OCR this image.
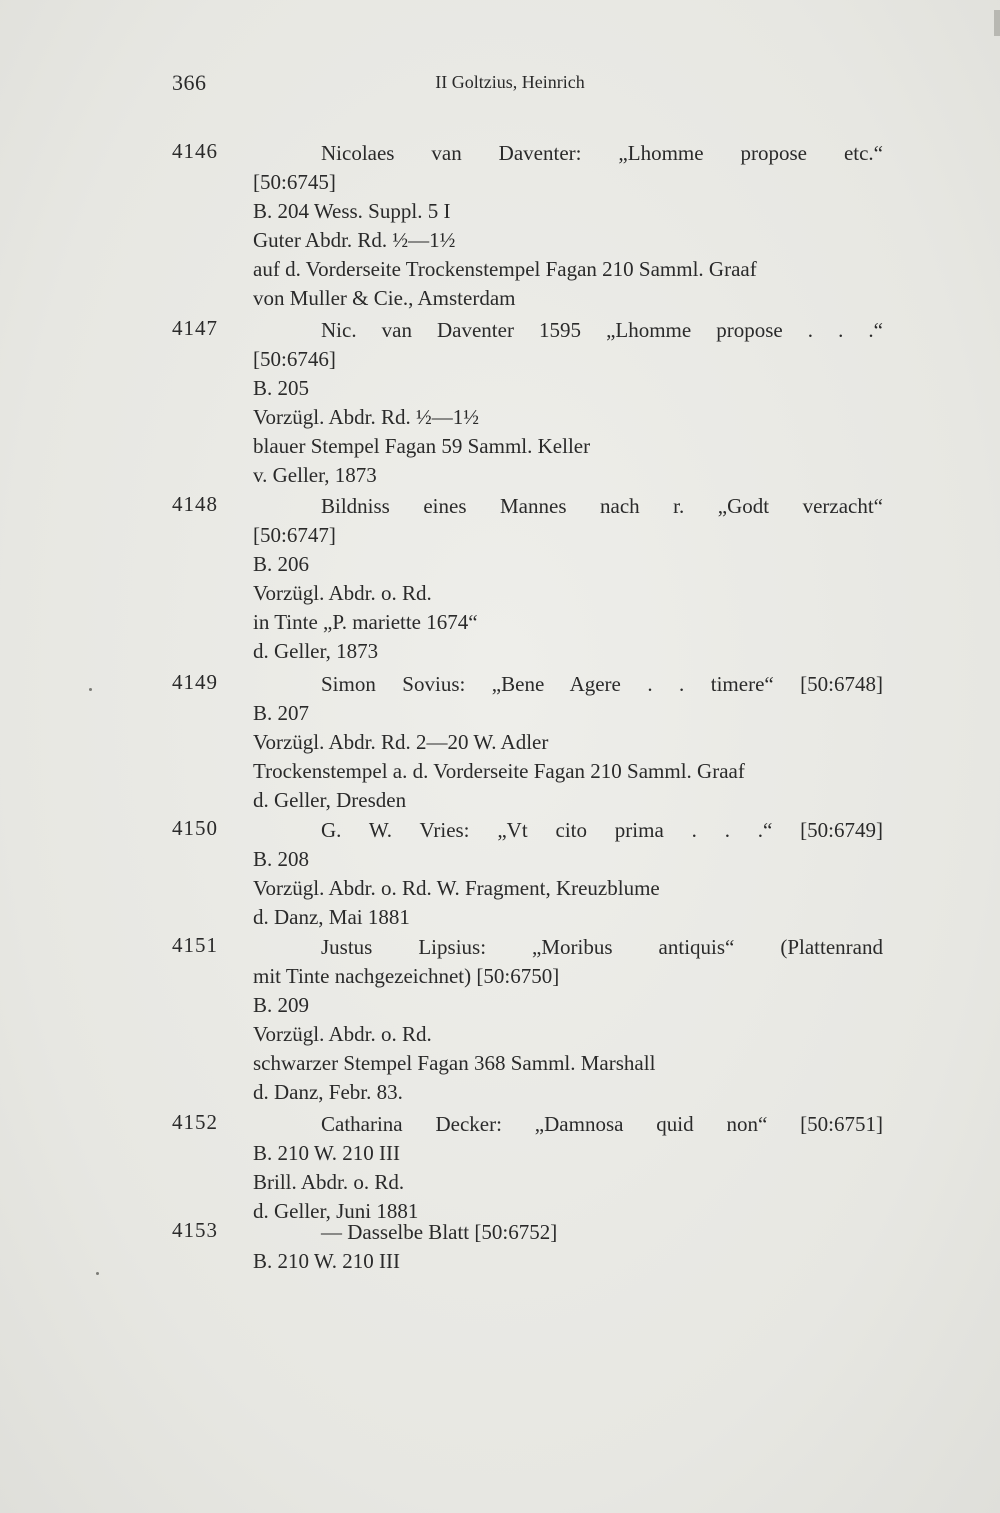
366	II Goltzius, Heinrich
4146	Nicolaes van Daventer: „Lhomme propose etc.“
[50:6745]
B. 204 Wess. Suppl. 5 I
Guter Abdr. Rd. ½—1½
auf d. Vorderseite Trockenstempel Fagan 210 Samml. Graaf
von Muller & Cie., Amsterdam
4147	Nic. van Daventer 1595 „Lhomme propose . . .“
[50:6746]
B. 205
Vorzügl. Abdr. Rd. ½—1½
blauer Stempel Fagan 59 Samml. Keller
v. Geller, 1873
4148	Bildniss eines Mannes nach r. „Godt verzacht“
[50:6747]
B. 206
Vorzügl. Abdr. o. Rd.
in Tinte „P. mariette 1674“
d. Geller, 1873
4149	Simon Sovius: „Bene Agere . . timere“ [50:6748]
B. 207
Vorzügl. Abdr. Rd. 2—20 W. Adler
Trockenstempel a. d. Vorderseite Fagan 210 Samml. Graaf
d. Geller, Dresden
4150	G. W. Vries: „Vt cito prima . . .“ [50:6749]
B. 208
Vorzügl. Abdr. o. Rd. W. Fragment, Kreuzblume
d. Danz, Mai 1881
4151	Justus Lipsius: „Moribus antiquis“ (Plattenrand
mit Tinte nachgezeichnet) [50:6750]
B. 209
Vorzügl. Abdr. o. Rd.
schwarzer Stempel Fagan 368 Samml. Marshall
d. Danz, Febr. 83.
4152	Catharina Decker: „Damnosa quid non“ [50:6751]
B. 210 W. 210 III
Brill. Abdr. o. Rd.
d. Geller, Juni 1881
4153	— Dasselbe Blatt [50:6752]
B. 210 W. 210 III
